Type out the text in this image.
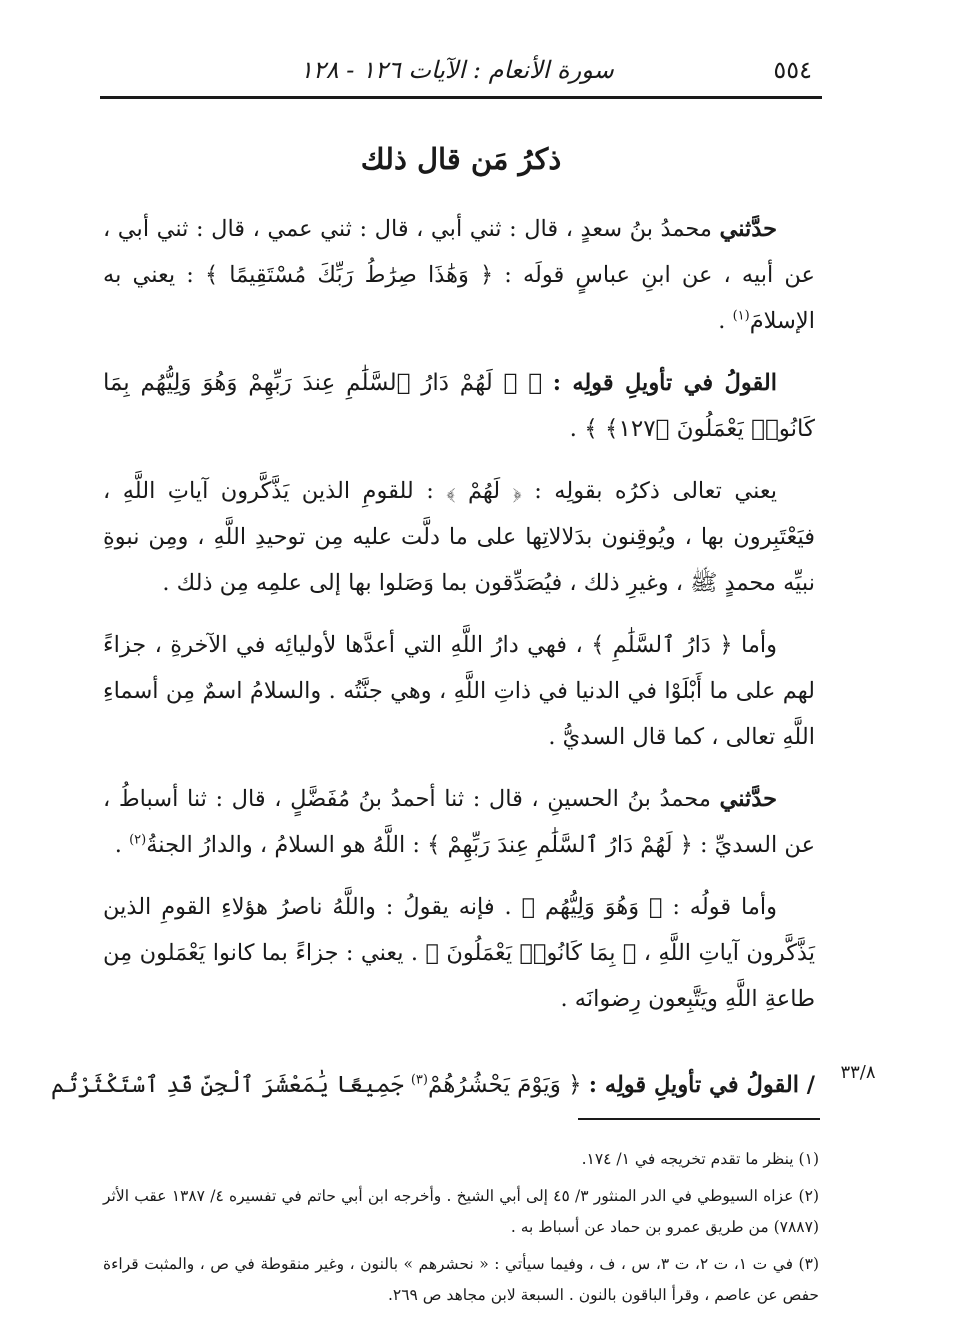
٥٥٤
سورة الأنعام : الآيات ١٢٦ - ١٢٨
ذكرُ مَن قال ذلك

حدَّثني محمدُ بنُ سعدٍ ، قال : ثني أبي ، قال : ثني عمي ، قال : ثني أبي ، عن أبيه ، عن ابنِ عباسٍ قولَه : ﴿ وَهَٰذَا صِرَٰطُ رَبِّكَ مُسْتَقِيمًا ﴾ : يعني به الإسلامَ$^{(١)}$ .

القولُ في تأويلِ قولِه : ﴿ ۞ لَهُمْ دَارُ ٱلسَّلَٰمِ عِندَ رَبِّهِمْ وَهُوَ وَلِيُّهُم بِمَا كَانُوا۟ يَعْمَلُونَ ﴿١٢٧﴾ ﴾ .

يعني تعالى ذكرُه بقولِه : ﴿ لَهُمْ ﴾ : للقومِ الذين يَذَّكَّرون آياتِ اللَّهِ ، فيَعْتَبِرون بها ، ويُوقِنون بدَلالاتِها على ما دلَّت عليه مِن توحيدِ اللَّهِ ، ومِن نبوةِ نبيِّه محمدٍ ﷺ ، وغيرِ ذلك ، فيُصَدِّقون بما وَصَلوا بها إلى علمِه مِن ذلك .

وأما ﴿ دَارُ ٱلسَّلَٰمِ ﴾ ، فهي دارُ اللَّهِ التي أعدَّها لأوليائِه في الآخرةِ ، جزاءً لهم على ما أَبْلَوْا في الدنيا في ذاتِ اللَّهِ ، وهي جنَّتُه . والسلامُ اسمٌ مِن أسماءِ اللَّهِ تعالى ، كما قال السديُّ .

حدَّثني محمدُ بنُ الحسينِ ، قال : ثنا أحمدُ بنُ مُفَضَّلٍ ، قال : ثنا أسباطُ ، عن السديِّ : ﴿ لَهُمْ دَارُ ٱلسَّلَٰمِ عِندَ رَبِّهِمْ ﴾ : اللَّهُ هو السلامُ ، والدارُ الجنةُ$^{(٢)}$ .

وأما قولُه : ﴿ وَهُوَ وَلِيُّهُم ﴾ . فإنه يقولُ : واللَّهُ ناصرُ هؤلاءِ القومِ الذين يَذَّكَّرون آياتِ اللَّهِ ، ﴿ بِمَا كَانُوا۟ يَعْمَلُونَ ﴾ . يعني : جزاءً بما كانوا يَعْمَلون مِن طاعةِ اللَّهِ ويَتَّبِعون رِضوانَه .

/ القولُ في تأويلِ قولِه : ﴿ وَيَوْمَ يَحْشُرُهُمْ$^{(٣)}$ جَمِيعًا يَٰمَعْشَرَ ٱلْجِنِّ قَدِ ٱسْتَكْثَرْتُم	٣٣/٨

(١) ينظر ما تقدم تخريجه في ١/ ١٧٤.

(٢) عزاه السيوطي في الدر المنثور ٣/ ٤٥ إلى أبي الشيخ . وأخرجه ابن أبي حاتم في تفسيره ٤/ ١٣٨٧ عقب الأثر (٧٨٨٧) من طريق عمرو بن حماد عن أسباط به .

(٣) في ت ١، ت ٢، ت ٣، س ، ف ، وفيما سيأتي : « نحشرهم » بالنون ، وغير منقوطة في ص ، والمثبت قراءة حفص عن عاصم ، وقرأ الباقون بالنون . السبعة لابن مجاهد ص ٢٦٩.
